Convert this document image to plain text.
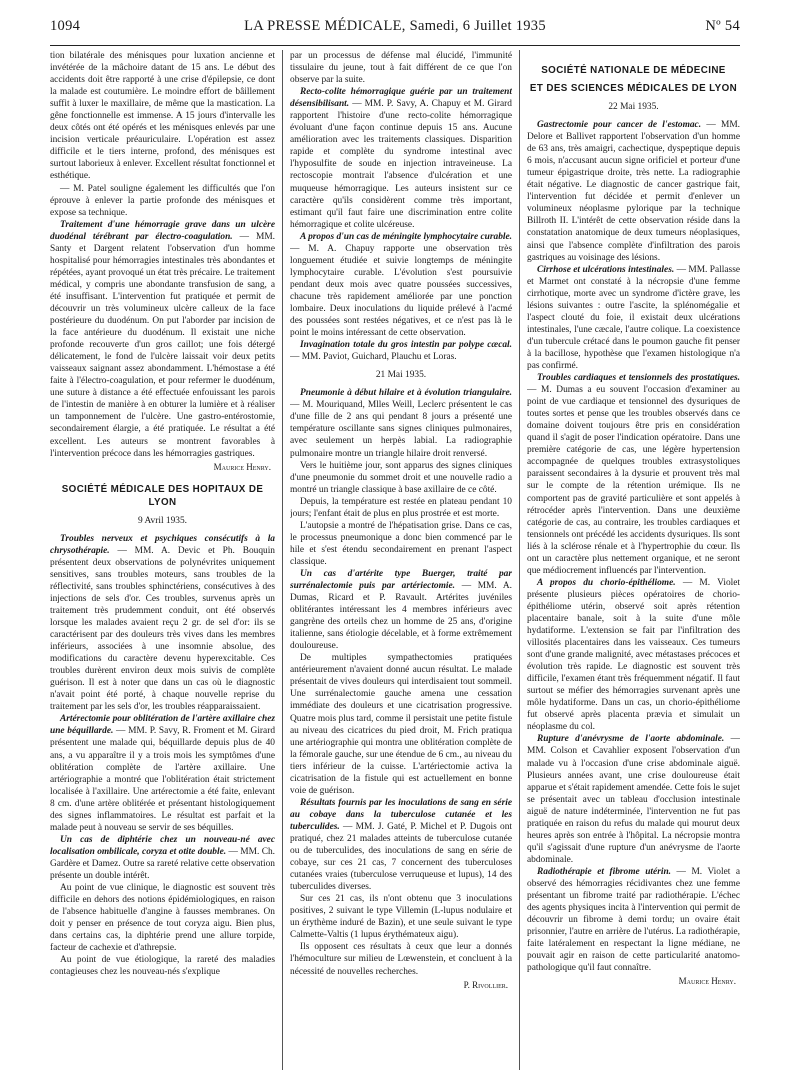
1094	LA PRESSE MÉDICALE, Samedi, 6 Juillet 1935	Nº 54

tion bilatérale des ménisques pour luxation ancienne et invétérée de la mâchoire datant de 15 ans. Le début des accidents doit être rapporté à une crise d'épilepsie, ce dont la malade est coutumière. Le moindre effort de bâillement suffit à luxer le maxillaire, de même que la mastication. La gêne fonctionnelle est immense. A 15 jours d'intervalle les deux côtés ont été opérés et les ménisques enlevés par une incision verticale préauriculaire. L'opération est assez difficile et le tiers interne, profond, des ménisques est surtout laborieux à enlever. Excellent résultat fonctionnel et esthétique.

— M. Patel souligne également les difficultés que l'on éprouve à enlever la partie profonde des ménisques et expose sa technique.

Traitement d'une hémorragie grave dans un ulcère duodénal térébrant par électro-coagulation. — MM. Santy et Dargent relatent l'observation d'un homme hospitalisé pour hémorragies intestinales très abondantes et répétées, ayant provoqué un état très précaire. Le traitement médical, y compris une abondante transfusion de sang, a été insuffisant. L'intervention fut pratiquée et permit de découvrir un très volumineux ulcère calleux de la face postérieure du duodénum. On put l'aborder par incision de la face antérieure du duodénum. Il existait une niche profonde recouverte d'un gros caillot; une fois détergé délicatement, le fond de l'ulcère laissait voir deux petits vaisseaux saignant assez abondamment. L'hémostase a été faite à l'électro-coagulation, et pour refermer le duodénum, une suture à distance a été effectuée enfouissant les parois de l'intestin de manière à en obturer la lumière et à réaliser un tamponnement de l'ulcère. Une gastro-entérostomie, secondairement élargie, a été pratiquée. Le résultat a été excellent. Les auteurs se montrent favorables à l'intervention précoce dans les hémorragies gastriques.

Maurice Henry.
SOCIÉTÉ MÉDICALE DES HOPITAUX DE LYON
9 Avril 1935.

Troubles nerveux et psychiques consécutifs à la chrysothérapie. — MM. A. Devic et Ph. Bouquin présentent deux observations de polynévrites uniquement sensitives, sans troubles moteurs, sans troubles de la réflectivité, sans troubles sphinctériens, consécutives à des injections de sels d'or. Ces troubles, survenus après un traitement très prudemment conduit, ont été observés lorsque les malades avaient reçu 2 gr. de sel d'or: ils se caractérisent par des douleurs très vives dans les membres inférieurs, associées à une insomnie absolue, des modifications du caractère devenu hyperexcitable. Ces troubles durèrent environ deux mois suivis de complète guérison. Il est à noter que dans un cas où le diagnostic n'avait point été porté, à chaque nouvelle reprise du traitement par les sels d'or, les troubles réapparaissaient.

Artérectomie pour oblitération de l'artère axillaire chez une béquillarde. — MM. P. Savy, R. Froment et M. Girard présentent une malade qui, béquillarde depuis plus de 40 ans, a vu apparaître il y a trois mois les symptômes d'une oblitération complète de l'artère axillaire. Une artériographie a montré que l'oblitération était strictement localisée à l'axillaire. Une artérectomie a été faite, enlevant 8 cm. d'une artère oblitérée et présentant histologiquement des signes inflammatoires. Le résultat est parfait et la malade peut à nouveau se servir de ses béquilles.

Un cas de diphtérie chez un nouveau-né avec localisation ombilicale, coryza et otite double. — MM. Ch. Gardère et Damez. Outre sa rareté relative cette observation présente un double intérêt.

Au point de vue clinique, le diagnostic est souvent très difficile en dehors des notions épidémiologiques, en raison de l'absence habituelle d'angine à fausses membranes. On doit y penser en présence de tout coryza aigu. Bien plus, dans certains cas, la diphtérie prend une allure torpide, facteur de cachexie et d'athrepsie.

Au point de vue étiologique, la rareté des maladies contagieuses chez les nouveau-nés s'explique

par un processus de défense mal élucidé, l'immunité tissulaire du jeune, tout à fait différent de ce que l'on observe par la suite.

Recto-colite hémorragique guérie par un traitement désensibilisant. — MM. P. Savy, A. Chapuy et M. Girard rapportent l'histoire d'une recto-colite hémorragique évoluant d'une façon continue depuis 15 ans. Aucune amélioration avec les traitements classiques. Disparition rapide et complète du syndrome intestinal avec l'hyposulfite de soude en injection intraveineuse. La rectoscopie montrait l'absence d'ulcération et une muqueuse hémorragique. Les auteurs insistent sur ce caractère qu'ils considèrent comme très important, estimant qu'il faut faire une discrimination entre colite hémorragique et colite ulcéreuse.

A propos d'un cas de méningite lymphocytaire curable. — M. A. Chapuy rapporte une observation très longuement étudiée et suivie longtemps de méningite lymphocytaire curable. L'évolution s'est poursuivie pendant deux mois avec quatre poussées successives, chacune très rapidement améliorée par une ponction lombaire. Deux inoculations du liquide prélevé à l'acmé des poussées sont restées négatives, et ce n'est pas là le point le moins intéressant de cette observation.

Invagination totale du gros intestin par polype cæcal. — MM. Paviot, Guichard, Plauchu et Loras.

21 Mai 1935.

Pneumonie à début hilaire et à évolution triangulaire. — M. Mouriquand, Mlles Weill, Leclerc présentent le cas d'une fille de 2 ans qui pendant 8 jours a présenté une température oscillante sans signes cliniques pulmonaires, avec seulement un herpès labial. La radiographie pulmonaire montre un triangle hilaire droit renversé.

Vers le huitième jour, sont apparus des signes cliniques d'une pneumonie du sommet droit et une nouvelle radio a montré un triangle classique à base axillaire de ce côté.

Depuis, la température est restée en plateau pendant 10 jours; l'enfant était de plus en plus prostrée et est morte.

L'autopsie a montré de l'hépatisation grise. Dans ce cas, le processus pneumonique a donc bien commencé par le hile et s'est étendu secondairement en prenant l'aspect classique.

Un cas d'artérite type Buerger, traité par surrénalectomie puis par artériectomie. — MM. A. Dumas, Ricard et P. Ravault. Artérites juvéniles oblitérantes intéressant les 4 membres inférieurs avec gangrène des orteils chez un homme de 25 ans, d'origine italienne, sans étiologie décelable, et à forme extrêmement douloureuse.

De multiples sympathectomies pratiquées antérieurement n'avaient donné aucun résultat. Le malade présentait de vives douleurs qui interdisaient tout sommeil. Une surrénalectomie gauche amena une cessation immédiate des douleurs et une cicatrisation progressive. Quatre mois plus tard, comme il persistait une petite fistule au niveau des cicatrices du pied droit, M. Frich pratiqua une artériographie qui montra une oblitération complète de la fémorale gauche, sur une étendue de 6 cm., au niveau du tiers inférieur de la cuisse. L'artériectomie activa la cicatrisation de la fistule qui est actuellement en bonne voie de guérison.

Résultats fournis par les inoculations de sang en série au cobaye dans la tuberculose cutanée et les tuberculides. — MM. J. Gaté, P. Michel et P. Dugois ont pratiqué, chez 21 malades atteints de tuberculose cutanée ou de tuberculides, des inoculations de sang en série de cobaye, sur ces 21 cas, 7 concernent des tuberculoses cutanées vraies (tuberculose verruqueuse et lupus), 14 des tuberculides diverses.

Sur ces 21 cas, ils n'ont obtenu que 3 inoculations positives, 2 suivant le type Villemin (L-lupus nodulaire et un érythème induré de Bazin), et une seule suivant le type Calmette-Valtis (1 lupus érythémateux aigu).

Ils opposent ces résultats à ceux que leur a donnés l'hémoculture sur milieu de Lœwenstein, et concluent à la nécessité de nouvelles recherches.

P. Rivollier.
SOCIÉTÉ NATIONALE DE MÉDECINE
ET DES SCIENCES MÉDICALES DE LYON
22 Mai 1935.

Gastrectomie pour cancer de l'estomac. — MM. Delore et Ballivet rapportent l'observation d'un homme de 63 ans, très amaigri, cachectique, dyspeptique depuis 6 mois, n'accusant aucun signe orificiel et porteur d'une tumeur épigastrique droite, très nette. La radiographie était négative. Le diagnostic de cancer gastrique fait, l'intervention fut décidée et permit d'enlever un volumineux néoplasme pylorique par la technique Billroth II. L'intérêt de cette observation réside dans la constatation anatomique de deux tumeurs néoplasiques, ainsi que l'absence complète d'infiltration des parois gastriques au voisinage des lésions.

Cirrhose et ulcérations intestinales. — MM. Pallasse et Marmet ont constaté à la nécropsie d'une femme cirrhotique, morte avec un syndrome d'ictère grave, les lésions suivantes : outre l'ascite, la splénomégalie et l'aspect clouté du foie, il existait deux ulcérations intestinales, l'une cæcale, l'autre colique. La coexistence d'un tubercule crétacé dans le poumon gauche fit penser à la bacillose, hypothèse que l'examen histologique n'a pas confirmé.

Troubles cardiaques et tensionnels des prostatiques. — M. Dumas a eu souvent l'occasion d'examiner au point de vue cardiaque et tensionnel des dysuriques de toutes sortes et pense que les troubles observés dans ce domaine doivent toujours être pris en considération quand il s'agit de poser l'indication opératoire. Dans une première catégorie de cas, une légère hypertension accompagnée de quelques troubles extrasystoliques paraissent secondaires à la dysurie et prouvent très mal sur le compte de la rétention urémique. Ils ne comportent pas de gravité particulière et sont appelés à rétrocéder après l'intervention. Dans une deuxième catégorie de cas, au contraire, les troubles cardiaques et tensionnels ont précédé les accidents dysuriques. Ils sont liés à la sclérose rénale et à l'hypertrophie du cœur. Ils ont un caractère plus nettement organique, et ne seront que médiocrement influencés par l'intervention.

A propos du chorio-épithéliome. — M. Violet présente plusieurs pièces opératoires de chorio-épithéliome utérin, observé soit après rétention placentaire banale, soit à la suite d'une môle hydatiforme. L'extension se fait par l'infiltration des villosités placentaires dans les vaisseaux. Ces tumeurs sont d'une grande malignité, avec métastases précoces et évolution très rapide. Le diagnostic est souvent très difficile, l'examen étant très fréquemment négatif. Il faut surtout se méfier des hémorragies survenant après une môle hydatiforme. Dans un cas, un chorio-épithéliome fut observé après placenta prævia et simulait un néoplasme du col.

Rupture d'anévrysme de l'aorte abdominale. — MM. Colson et Cavahlier exposent l'observation d'un malade vu à l'occasion d'une crise abdominale aiguë. Plusieurs années avant, une crise douloureuse était apparue et s'était rapidement amendée. Cette fois le sujet se présentait avec un tableau d'occlusion intestinale aiguë de nature indéterminée, l'intervention ne fut pas pratiquée en raison du refus du malade qui mourut deux heures après son entrée à l'hôpital. La nécropsie montra qu'il s'agissait d'une rupture d'un anévrysme de l'aorte abdominale.

Radiothérapie et fibrome utérin. — M. Violet a observé des hémorragies récidivantes chez une femme présentant un fibrome traité par radiothérapie. L'échec des agents physiques incita à l'intervention qui permit de découvrir un fibrome à demi tordu; un ovaire était prisonnier, l'autre en arrière de l'utérus. La radiothérapie, faite latéralement en respectant la ligne médiane, ne pouvait agir en raison de cette particularité anatomo-pathologique qu'il faut connaître.

Maurice Henry.
